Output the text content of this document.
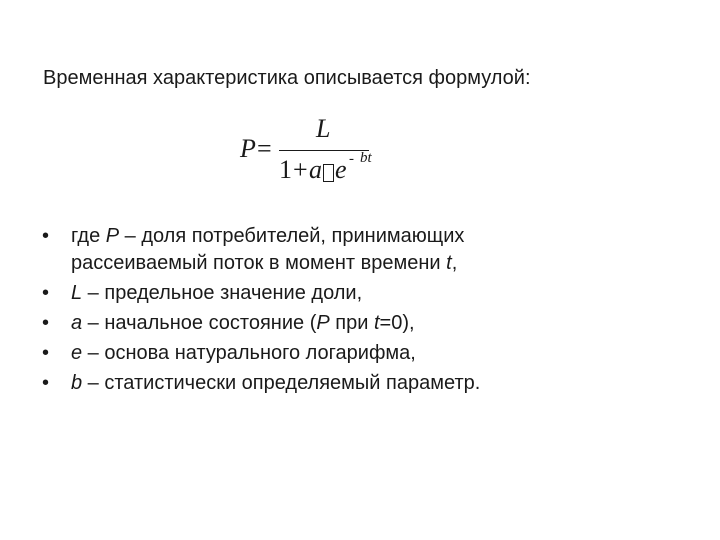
Временная характеристика описывается формулой:
P =
L
1 + a e - bt
• где P – доля потребителей, принимающих
рассеиваемый поток в момент времени t,
• L – предельное значение доли,
• a – начальное состояние (P при t=0),
• e – основа натурального логарифма,
• b – статистически определяемый параметр.
